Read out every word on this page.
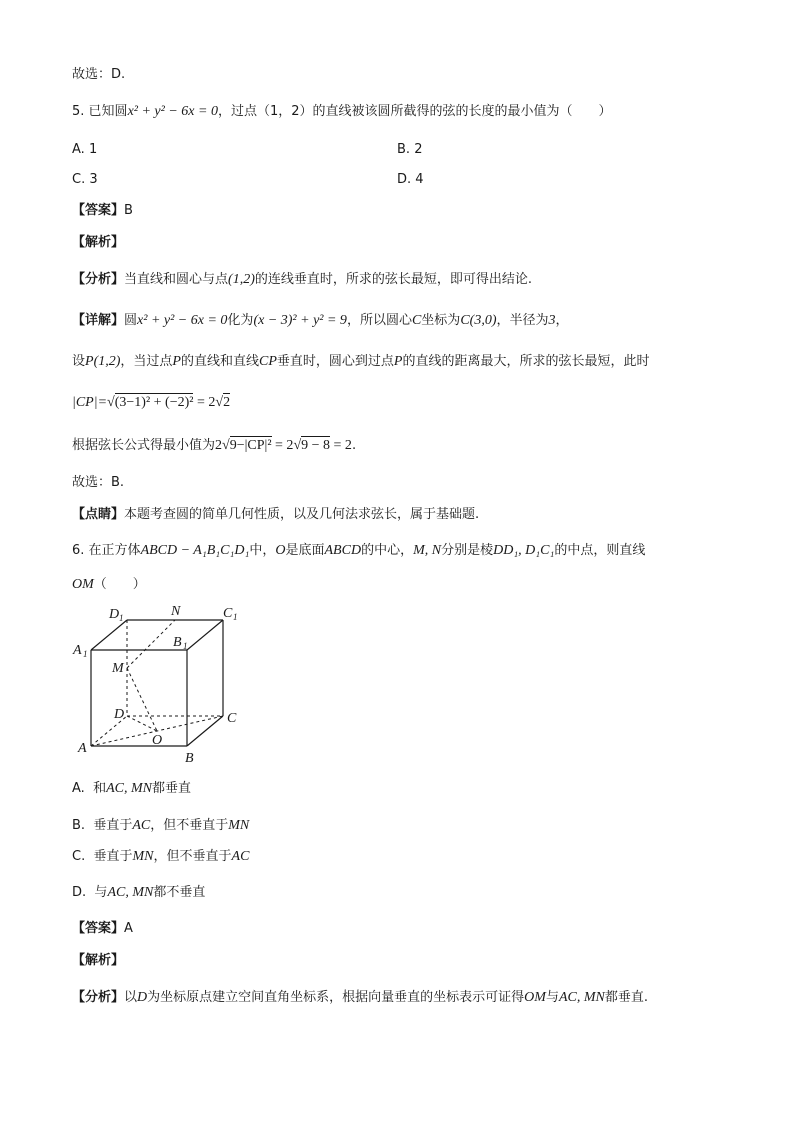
故选：D.
5. 已知圆x² + y² − 6x = 0，过点（1，2）的直线被该圆所截得的弦的长度的最小值为（　　）
A. 1	B. 2
C. 3	D. 4
【答案】B
【解析】
【分析】当直线和圆心与点(1,2)的连线垂直时，所求的弦长最短，即可得出结论.
【详解】圆x² + y² − 6x = 0化为(x − 3)² + y² = 9，所以圆心C坐标为C(3,0)，半径为3，
设P(1,2)，当过点P的直线和直线CP垂直时，圆心到过点P的直线的距离最大，所求的弦长最短，此时
|CP|=√(3−1)² + (−2)² = 2√2
根据弦长公式得最小值为2√9−|CP|² = 2√9 − 8 = 2.
故选：B.
【点睛】本题考查圆的简单几何性质，以及几何法求弦长，属于基础题.
6. 在正方体ABCD − A₁B₁C₁D₁中，O是底面ABCD的中心，M, N分别是棱DD₁, D₁C₁的中点，则直线
OM（　　）
D 1	N	C 1
A 1
B 1
M
D	C
A
O
B
A. 和AC, MN都垂直
B. 垂直于AC，但不垂直于MN
C. 垂直于MN，但不垂直于AC
D. 与AC, MN都不垂直
【答案】A
【解析】
【分析】以D为坐标原点建立空间直角坐标系，根据向量垂直的坐标表示可证得OM与AC, MN都垂直.
